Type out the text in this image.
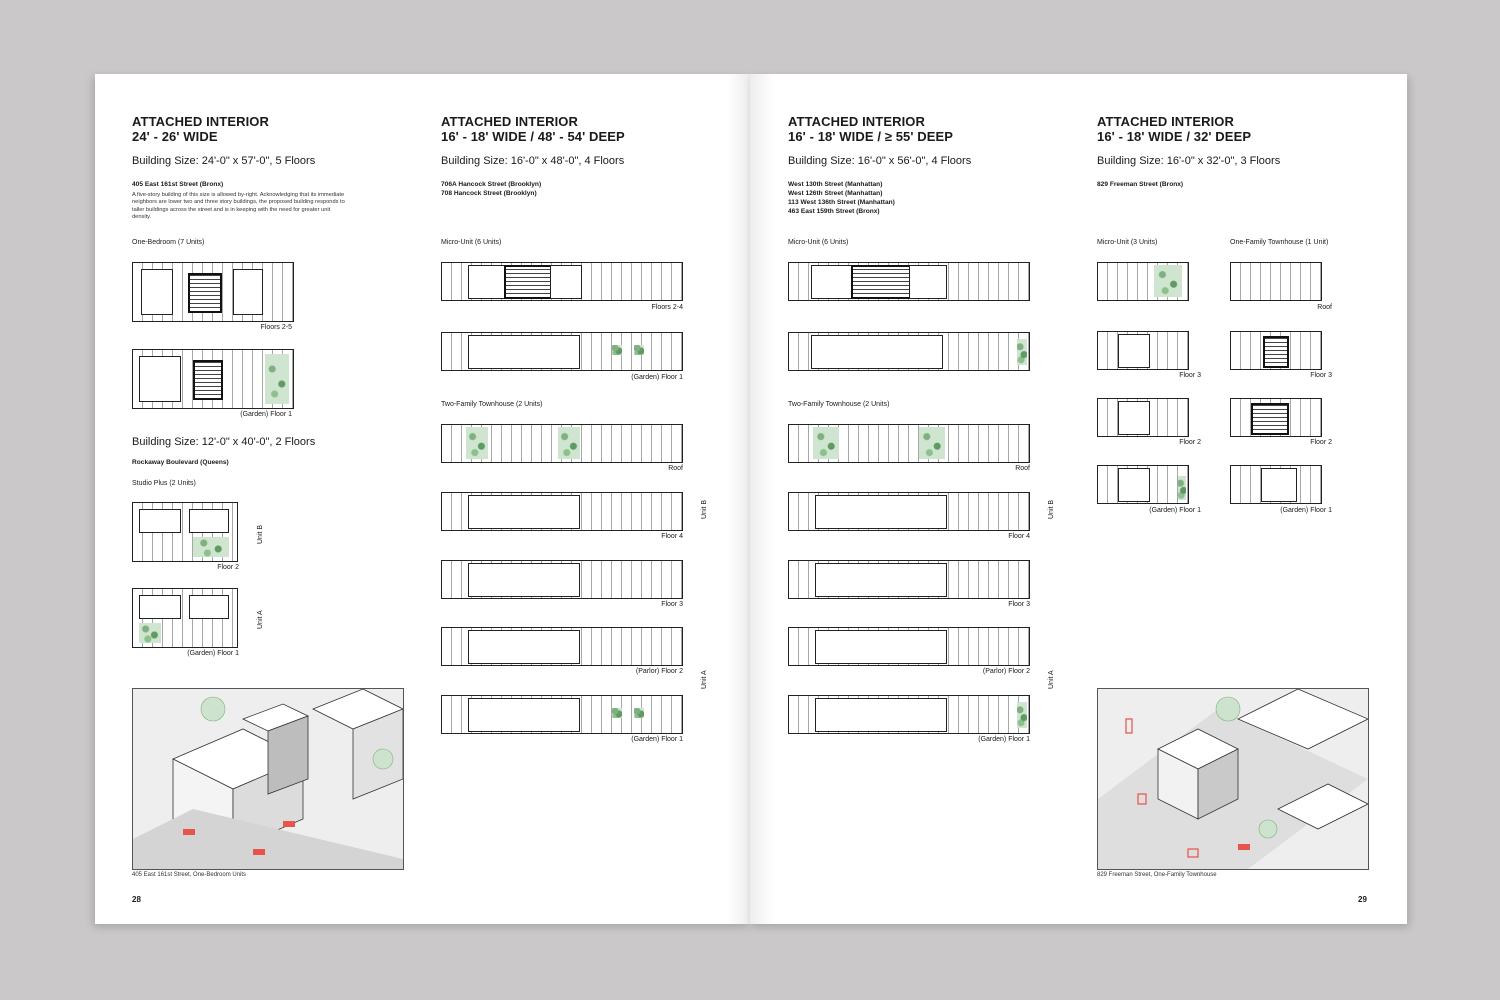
ATTACHED INTERIOR
24' - 26' WIDE
Building Size: 24'-0" x 57'-0", 5 Floors
405 East 161st Street (Bronx)
A five-story building of this size is allowed by-right. Acknowledging that its immediate neighbors are lower two and three story buildings, the proposed building responds to taller buildings across the street and is in keeping with the need for greater unit density.
One-Bedroom (7 Units)
Floors 2-5
(Garden) Floor 1
Building Size: 12'-0" x 40'-0", 2 Floors
Rockaway Boulevard (Queens)
Studio Plus (2 Units)
Floor 2
(Garden) Floor 1
Unit B
Unit A
405 East 161st Street, One-Bedroom Units
28
ATTACHED INTERIOR
16' - 18' WIDE / 48' - 54' DEEP
Building Size: 16'-0" x 48'-0", 4 Floors
706A Hancock Street (Brooklyn)
708 Hancock Street (Brooklyn)
Micro-Unit (6 Units)
Floors 2-4
(Garden) Floor 1
Two-Family Townhouse (2 Units)
Roof
Floor 4
Floor 3
(Parlor) Floor 2
(Garden) Floor 1
Unit B
Unit A
ATTACHED INTERIOR
16' - 18' WIDE / ≥ 55' DEEP
Building Size: 16'-0" x 56'-0", 4 Floors
West 130th Street (Manhattan)
West 126th Street (Manhattan)
113 West 136th Street (Manhattan)
463 East 159th Street (Bronx)
Micro-Unit (6 Units)
Two-Family Townhouse (2 Units)
Roof
Floor 4
Floor 3
(Parlor) Floor 2
(Garden) Floor 1
Unit B
Unit A
ATTACHED INTERIOR
16' - 18' WIDE / 32' DEEP
Building Size: 16'-0" x 32'-0", 3 Floors
829 Freeman Street (Bronx)
Micro-Unit (3 Units)	One-Family Townhouse (1 Unit)
Floor 3
Floor 2
(Garden) Floor 1
Roof
Floor 3
Floor 2
(Garden) Floor 1
829 Freeman Street, One-Family Townhouse
29
